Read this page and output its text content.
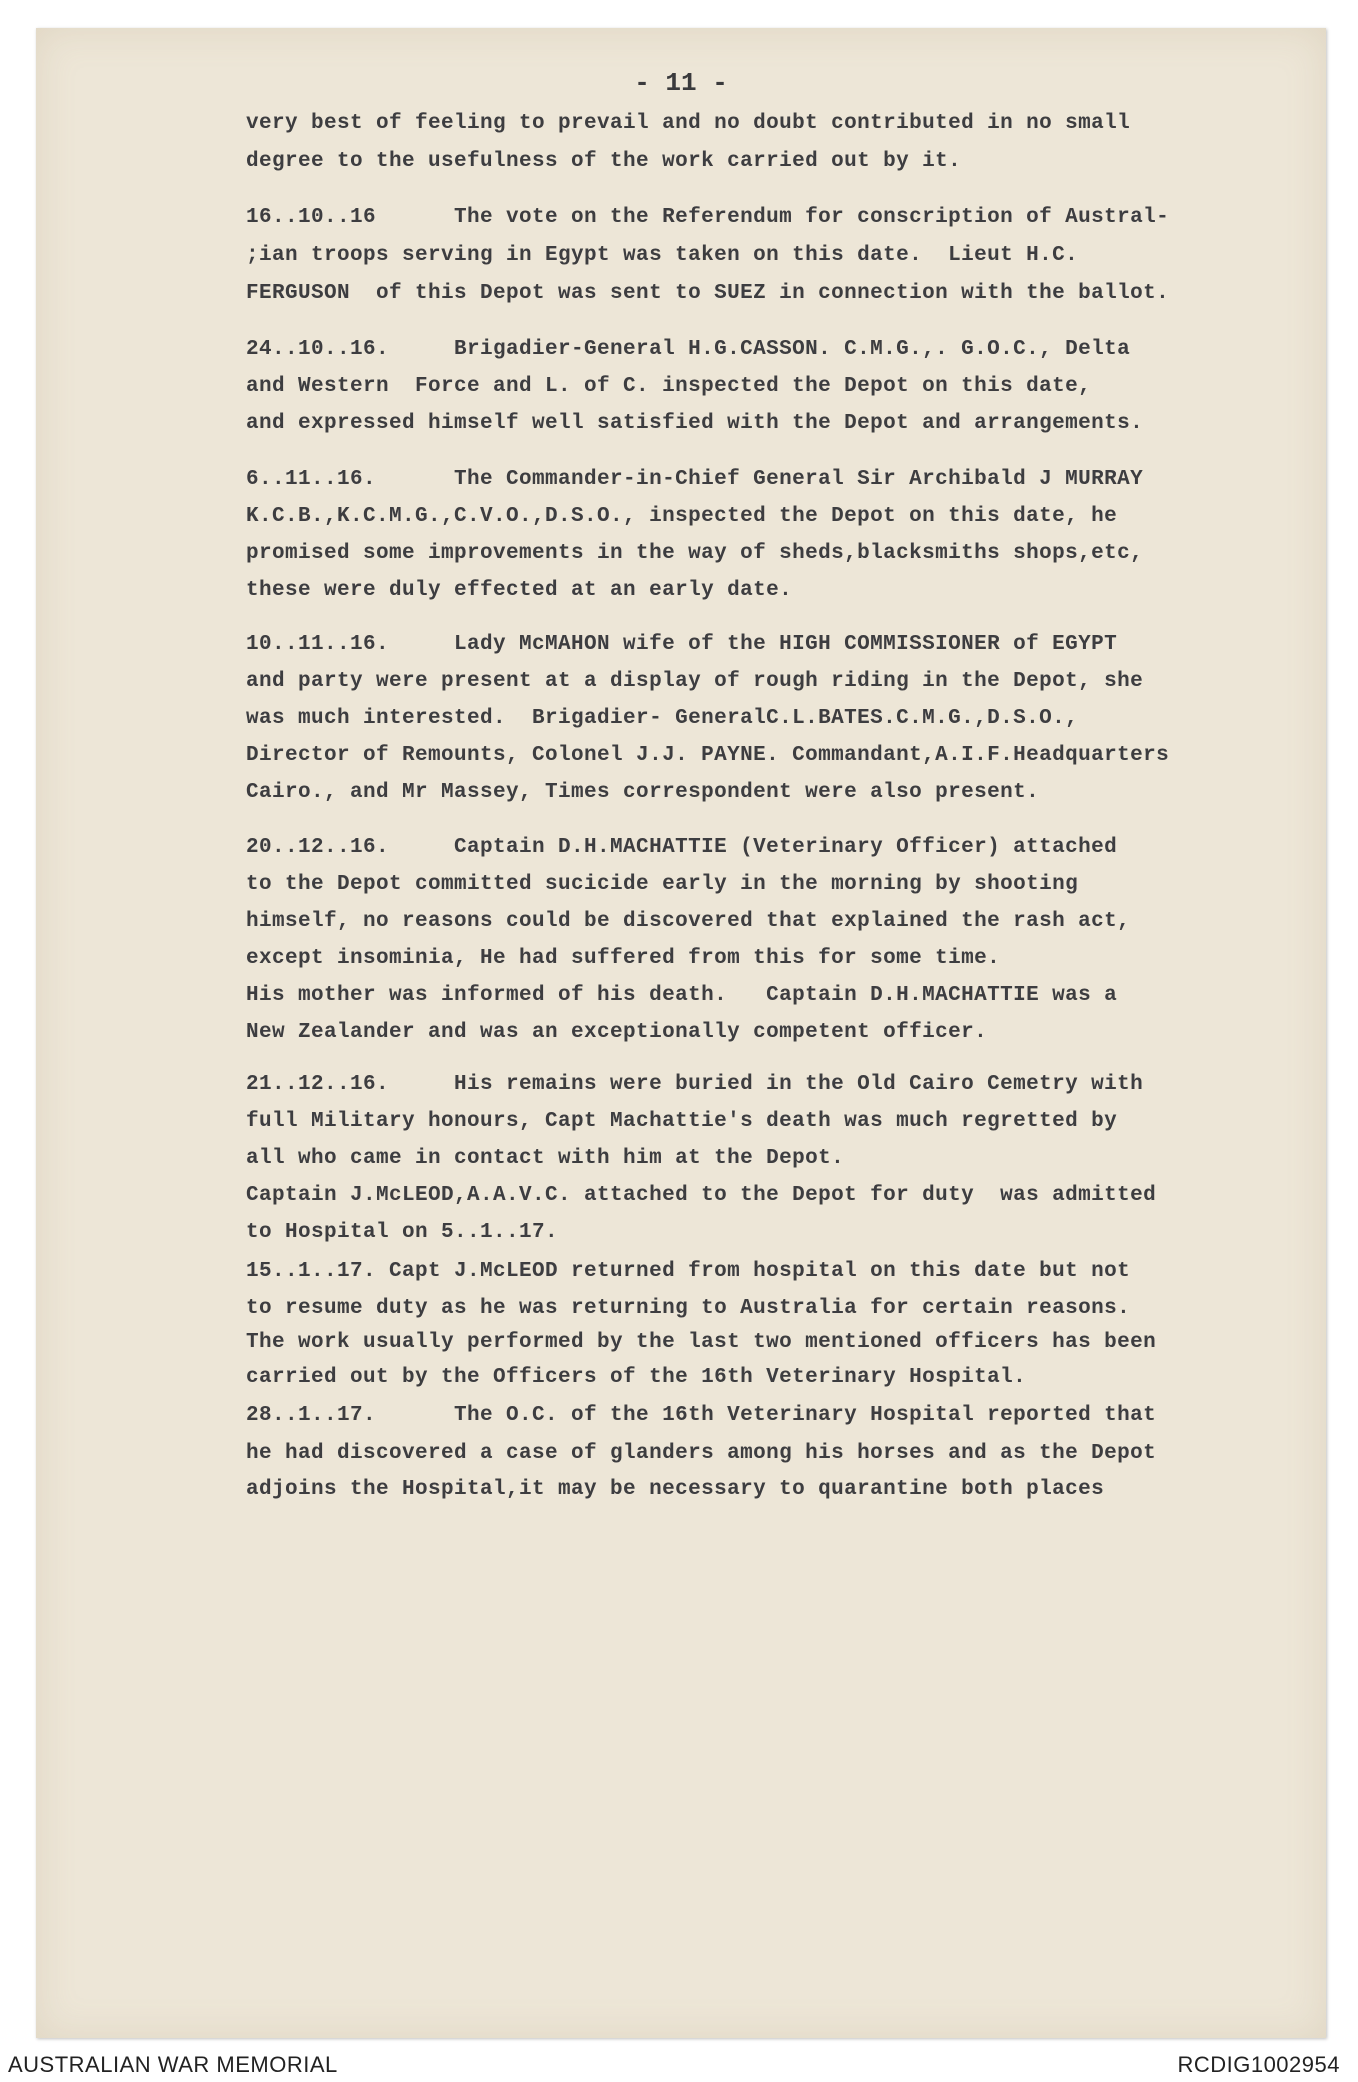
- 11 -
very best of feeling to prevail and no doubt contributed in no small
degree to the usefulness of the work carried out by it.
16..10..16      The vote on the Referendum for conscription of Austral-
;ian troops serving in Egypt was taken on this date.  Lieut H.C.
FERGUSON  of this Depot was sent to SUEZ in connection with the ballot.
24..10..16.     Brigadier-General H.G.CASSON. C.M.G.,. G.O.C., Delta
and Western  Force and L. of C. inspected the Depot on this date,
and expressed himself well satisfied with the Depot and arrangements.
6..11..16.      The Commander-in-Chief General Sir Archibald J MURRAY
K.C.B.,K.C.M.G.,C.V.O.,D.S.O., inspected the Depot on this date, he
promised some improvements in the way of sheds,blacksmiths shops,etc,
these were duly effected at an early date.
10..11..16.     Lady McMAHON wife of the HIGH COMMISSIONER of EGYPT
and party were present at a display of rough riding in the Depot, she
was much interested.  Brigadier- GeneralC.L.BATES.C.M.G.,D.S.O.,
Director of Remounts, Colonel J.J. PAYNE. Commandant,A.I.F.Headquarters
Cairo., and Mr Massey, Times correspondent were also present.
20..12..16.     Captain D.H.MACHATTIE (Veterinary Officer) attached
to the Depot committed sucicide early in the morning by shooting
himself, no reasons could be discovered that explained the rash act,
except insominia, He had suffered from this for some time.
His mother was informed of his death.   Captain D.H.MACHATTIE was a
New Zealander and was an exceptionally competent officer.
21..12..16.     His remains were buried in the Old Cairo Cemetry with
full Military honours, Capt Machattie's death was much regretted by
all who came in contact with him at the Depot.
Captain J.McLEOD,A.A.V.C. attached to the Depot for duty  was admitted
to Hospital on 5..1..17.
15..1..17. Capt J.McLEOD returned from hospital on this date but not
to resume duty as he was returning to Australia for certain reasons.
The work usually performed by the last two mentioned officers has been
carried out by the Officers of the 16th Veterinary Hospital.
28..1..17.      The O.C. of the 16th Veterinary Hospital reported that
he had discovered a case of glanders among his horses and as the Depot
adjoins the Hospital,it may be necessary to quarantine both places
AUSTRALIAN WAR MEMORIAL	RCDIG1002954
